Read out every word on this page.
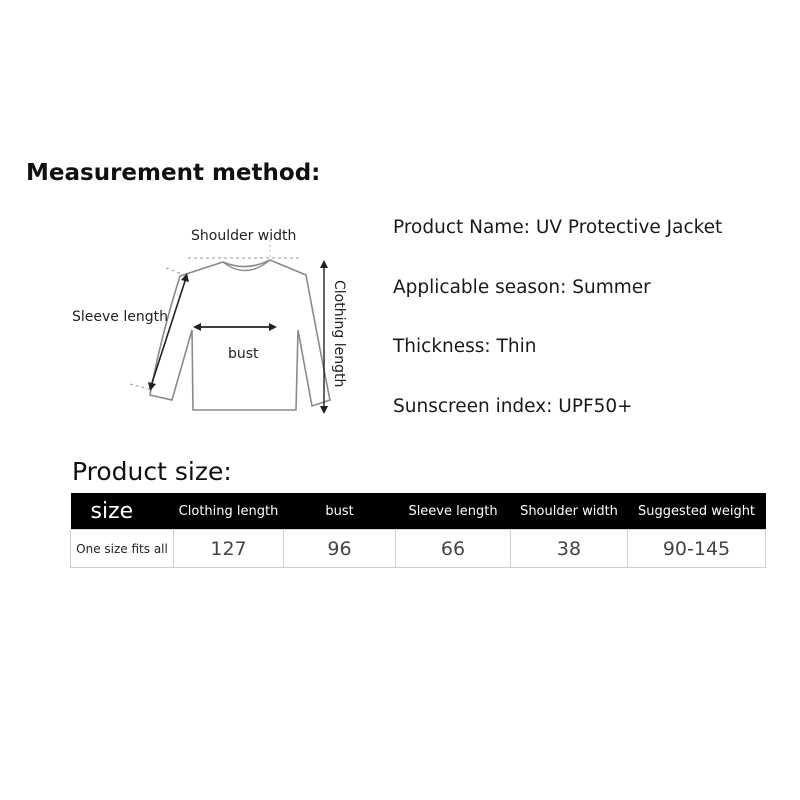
Measurement method:
Shoulder width
Sleeve length
bust	Clothing length
Product Name: UV Protective Jacket
Applicable season: Summer
Thickness: Thin
Sunscreen index: UPF50+
Product size:
size	Clothing length	bust	Sleeve length	Shoulder width	Suggested weight
One size fits all	127	96	66	38	90-145
